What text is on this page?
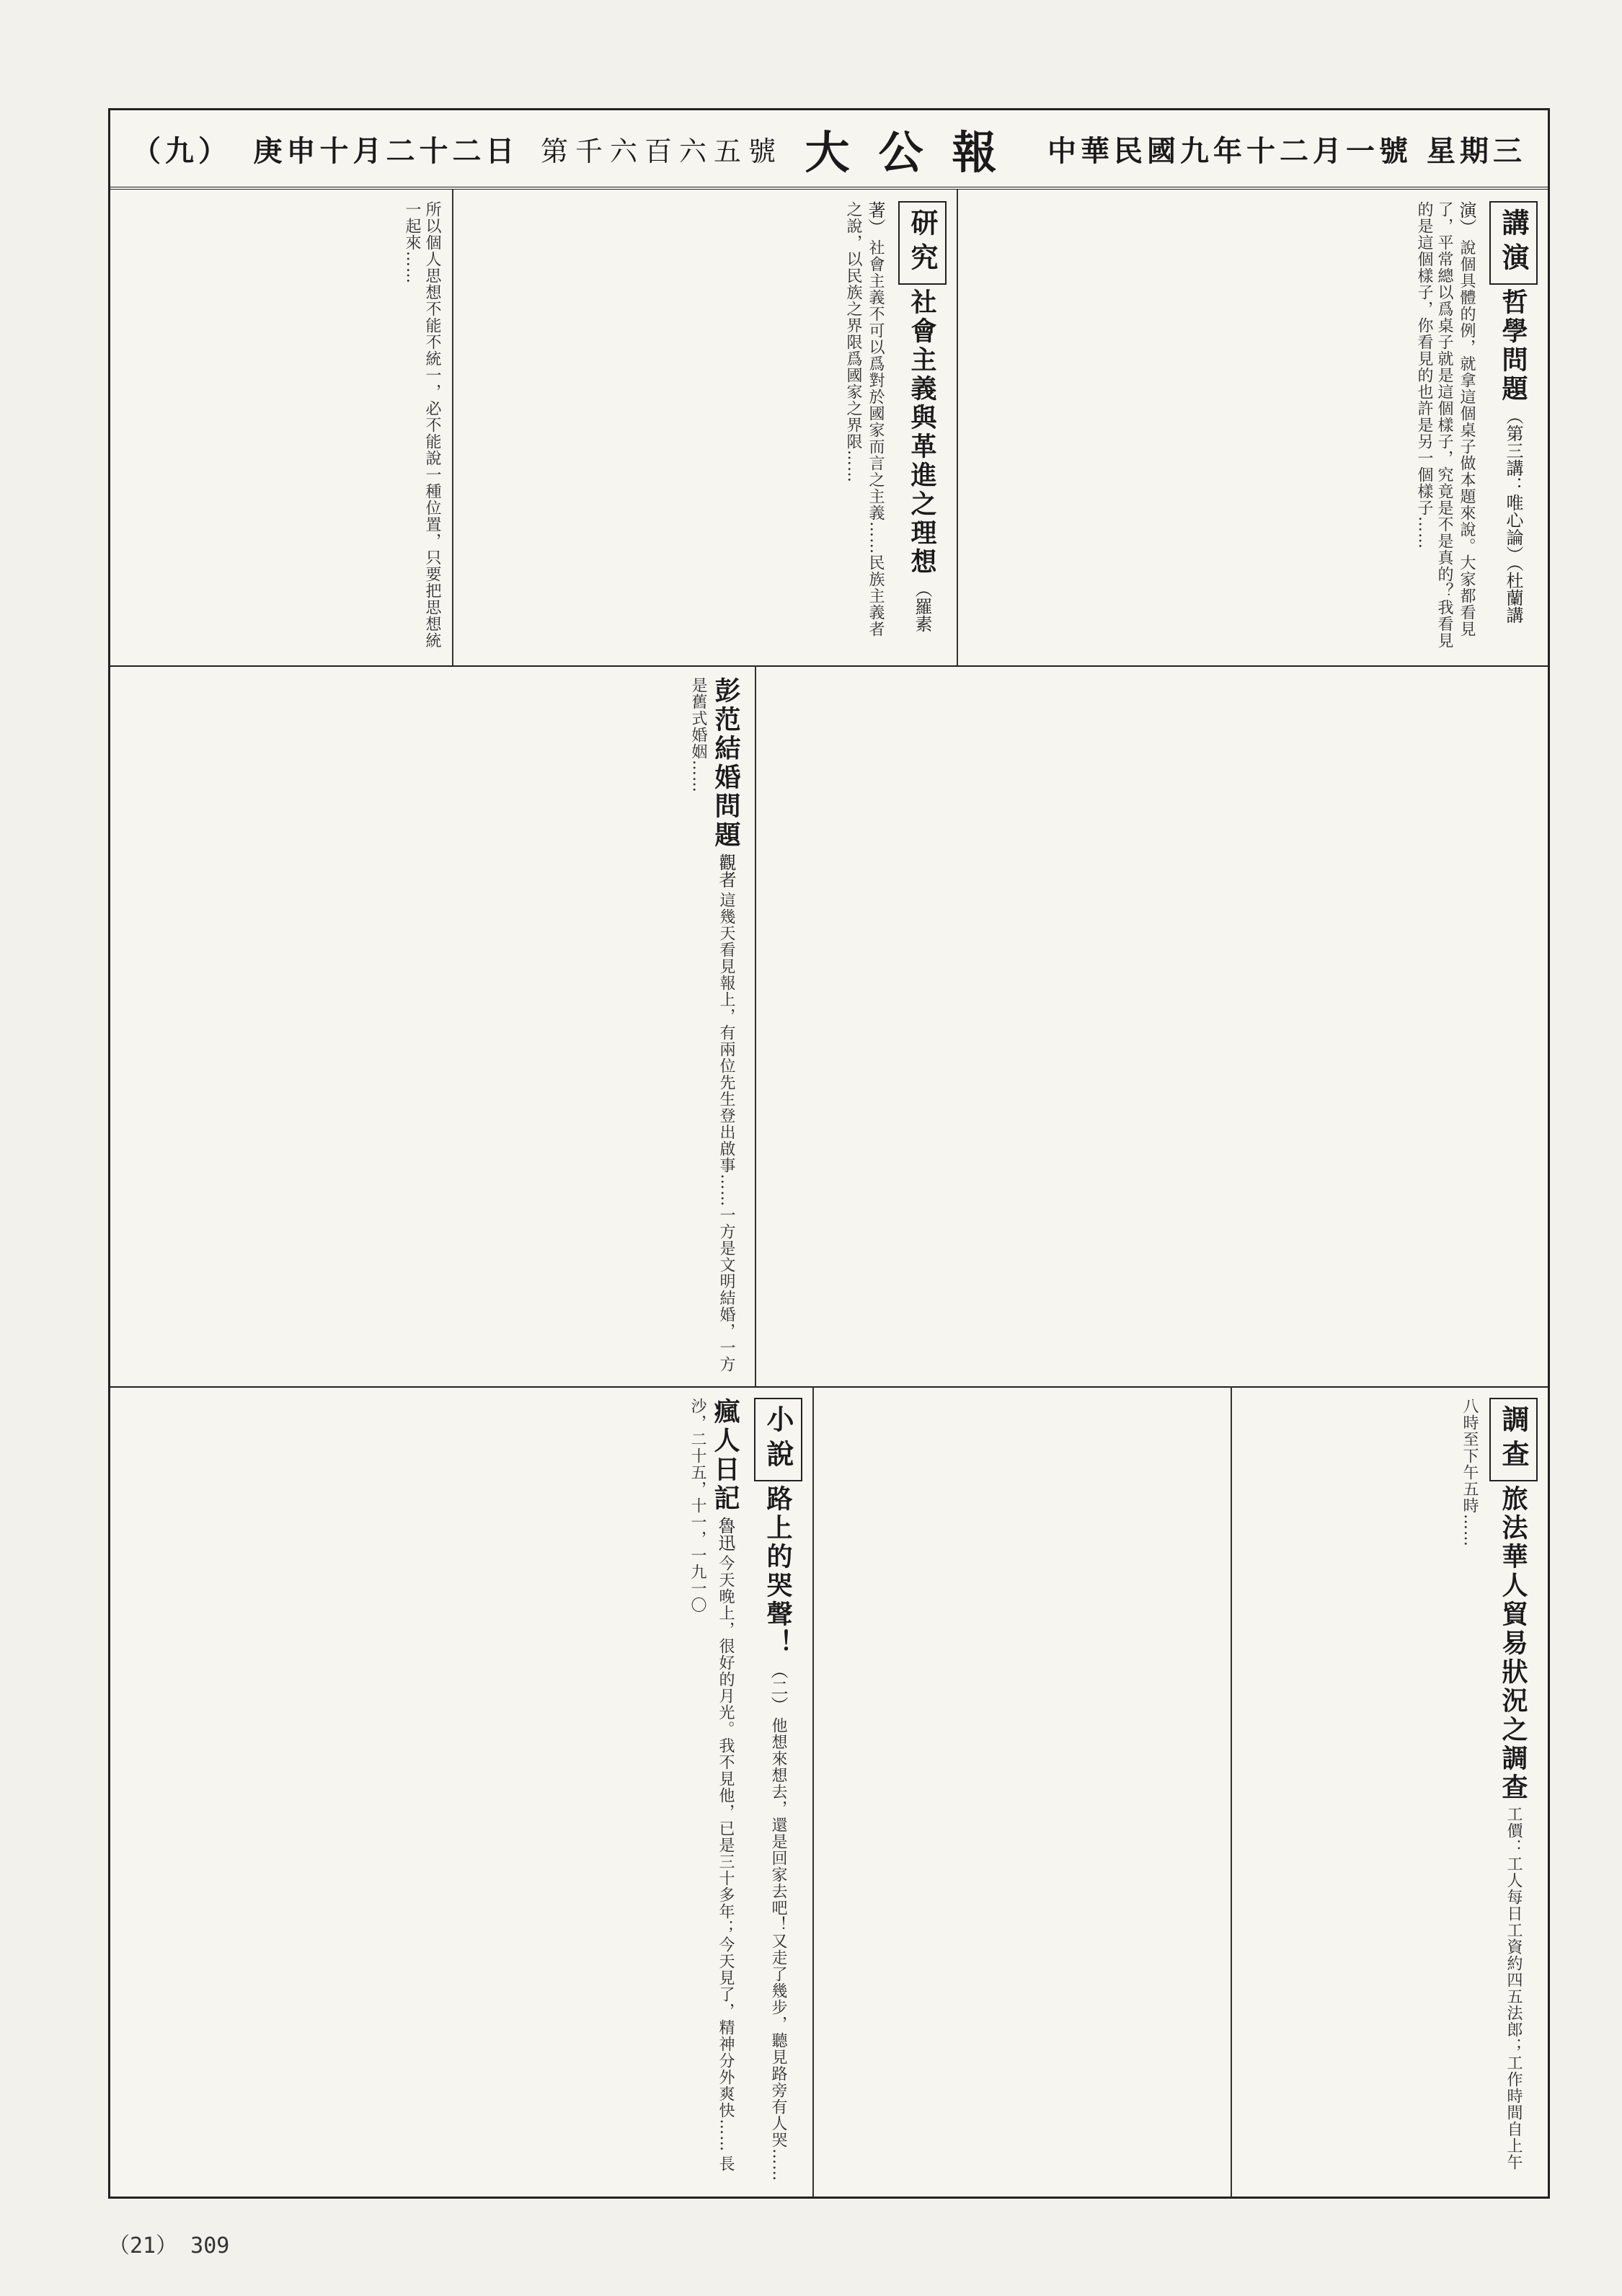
（九） 庚申十月二十二日 第千六百六五號 大公報 中華民國九年十二月一號 星期三
講演 哲學問題 （第三講：唯心論）（杜蘭講演） 說個具體的例，就拿這個桌子做本題來說。大家都看見了，平常總以爲桌子就是這個樣子，究竟是不是真的？我看見的是這個樣子，你看見的也許是另一個樣子……
研究 社會主義與革進之理想 （羅素著） 社會主義不可以爲對於國家而言之主義……民族主義者之說，以民族之界限爲國家之界限……
所以個人思想不能不統一，必不能說一種位置，只要把思想統一起來……
彭范結婚問題 觀者 這幾天看見報上，有兩位先生登出啟事……一方是文明結婚，一方是舊式婚姻……
調查 旅法華人貿易狀況之調查 工價：工人每日工資約四五法郎；工作時間自上午八時至下午五時……
小說 路上的哭聲！ （二） 他想來想去，還是回家去吧！又走了幾步，聽見路旁有人哭…… 瘋人日記 魯迅 今天晚上，很好的月光。我不見他，已是三十多年；今天見了，精神分外爽快…… 長沙，二十五，十一，一九一〇
（21） 309
